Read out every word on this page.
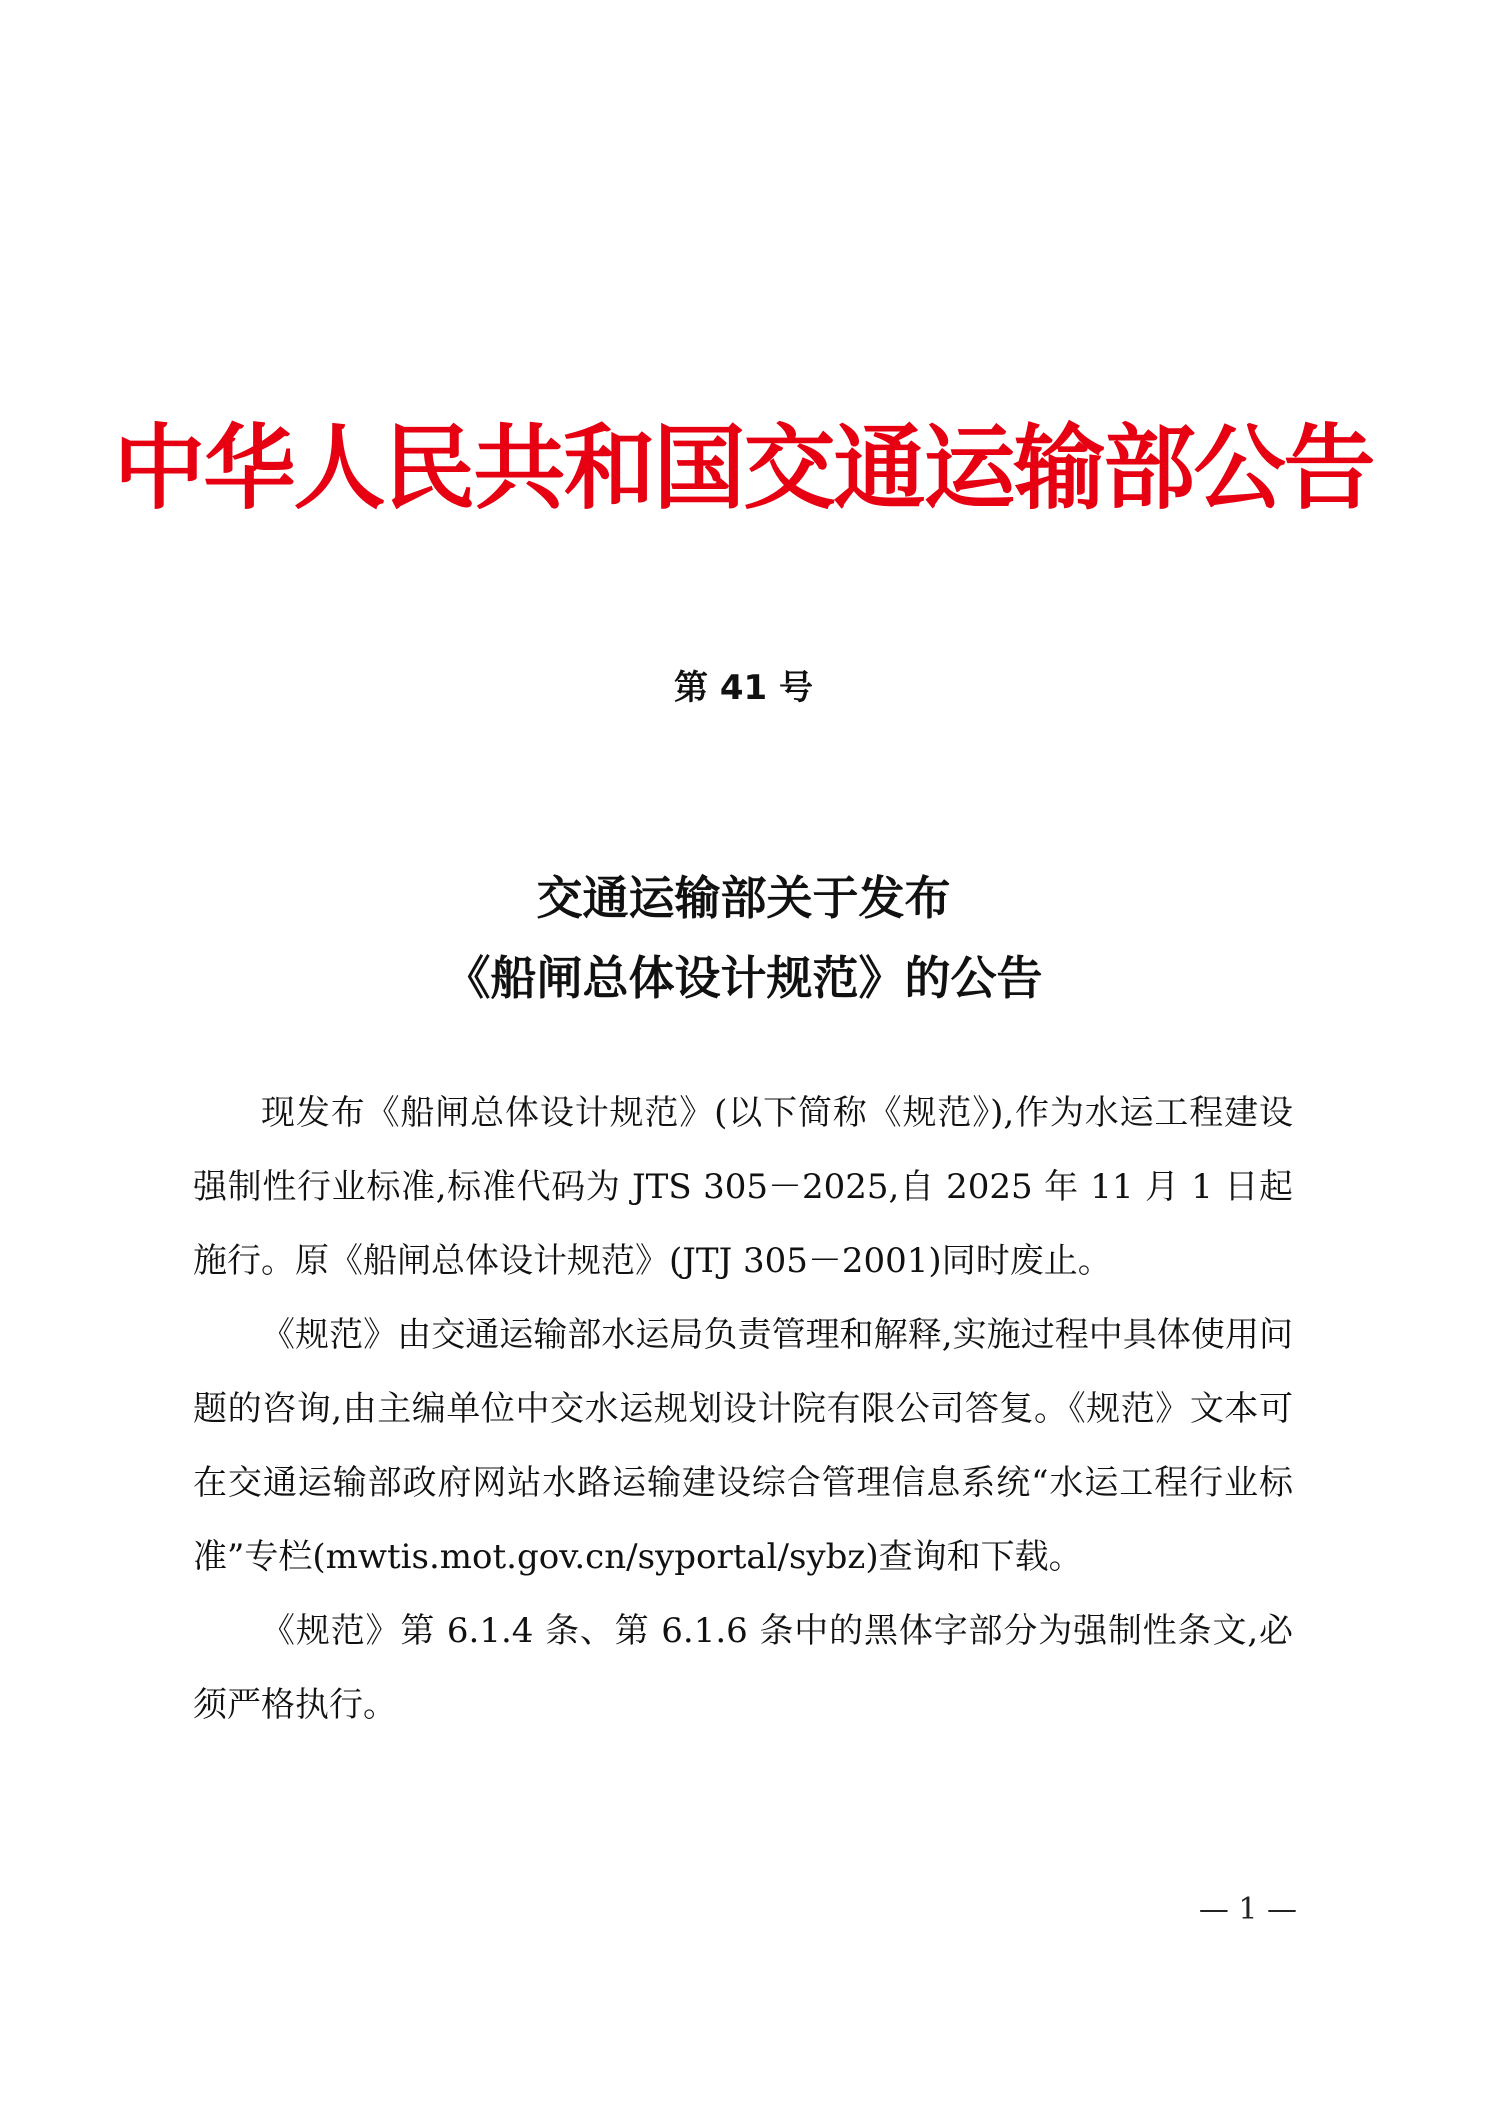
中华人民共和国交通运输部公告
第 41 号
交通运输部关于发布
《船闸总体设计规范》的公告

现发布《船闸总体设计规范》(以下简称《规范》),作为水运工程建设强制性行业标准,标准代码为 JTS 305－2025,自 2025 年 11 月 1 日起施行。原《船闸总体设计规范》(JTJ 305－2001)同时废止。

《规范》由交通运输部水运局负责管理和解释,实施过程中具体使用问题的咨询,由主编单位中交水运规划设计院有限公司答复。《规范》文本可在交通运输部政府网站水路运输建设综合管理信息系统“水运工程行业标准”专栏(mwtis.mot.gov.cn/syportal/sybz)查询和下载。

《规范》第 6.1.4 条、第 6.1.6 条中的黑体字部分为强制性条文,必须严格执行。

— 1 —
